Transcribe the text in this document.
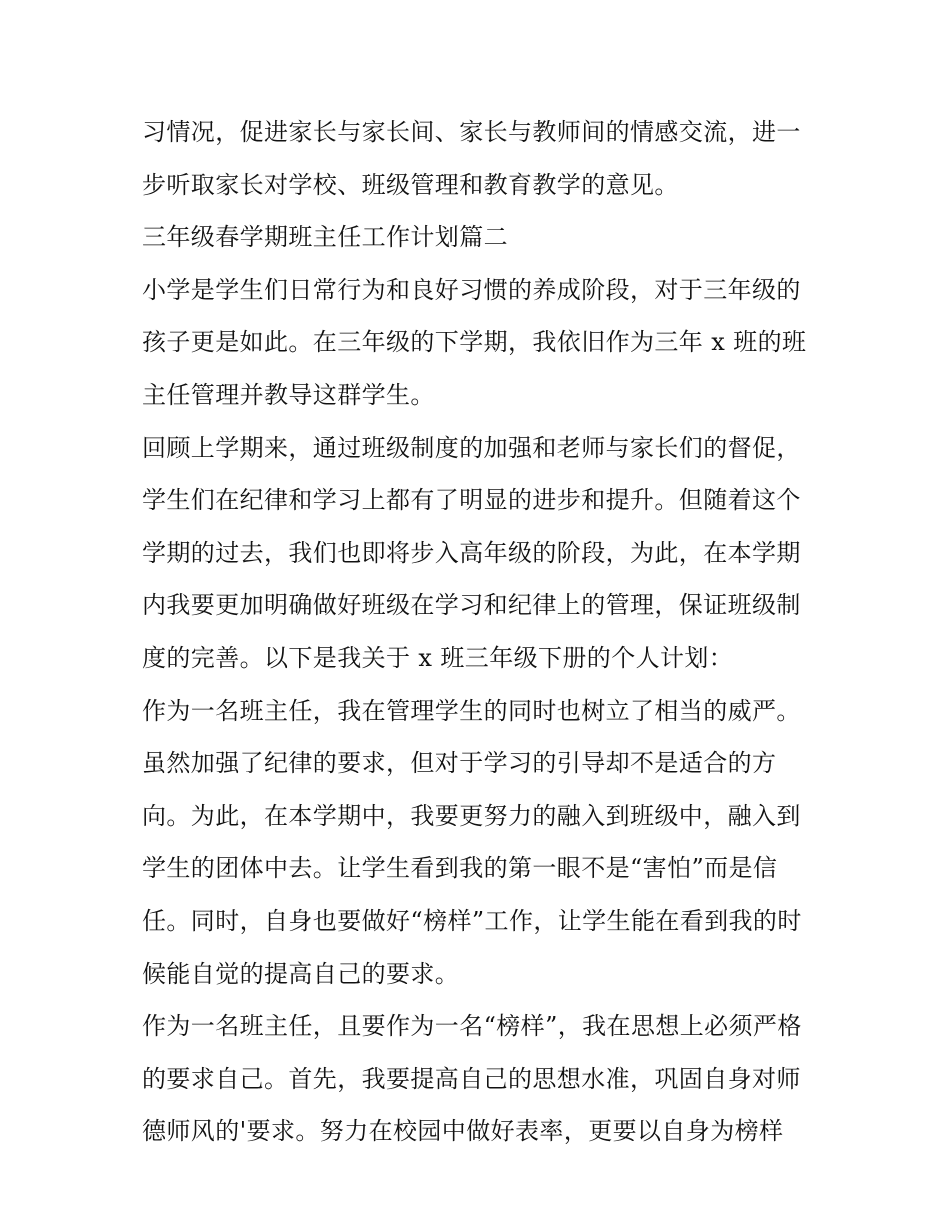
习情况，促进家长与家长间、家长与教师间的情感交流，进一
步听取家长对学校、班级管理和教育教学的意见。
三年级春学期班主任工作计划篇二
小学是学生们日常行为和良好习惯的养成阶段，对于三年级的
孩子更是如此。在三年级的下学期，我依旧作为三年 x 班的班
主任管理并教导这群学生。
回顾上学期来，通过班级制度的加强和老师与家长们的督促，
学生们在纪律和学习上都有了明显的进步和提升。但随着这个
学期的过去，我们也即将步入高年级的阶段，为此，在本学期
内我要更加明确做好班级在学习和纪律上的管理，保证班级制
度的完善。以下是我关于 x 班三年级下册的个人计划：
作为一名班主任，我在管理学生的同时也树立了相当的威严。
虽然加强了纪律的要求，但对于学习的引导却不是适合的方
向。为此，在本学期中，我要更努力的融入到班级中，融入到
学生的团体中去。让学生看到我的第一眼不是“害怕”而是信
任。同时，自身也要做好“榜样”工作，让学生能在看到我的时
候能自觉的提高自己的要求。
作为一名班主任，且要作为一名“榜样”，我在思想上必须严格
的要求自己。首先，我要提高自己的思想水准，巩固自身对师
德师风的'要求。努力在校园中做好表率，更要以自身为榜样
